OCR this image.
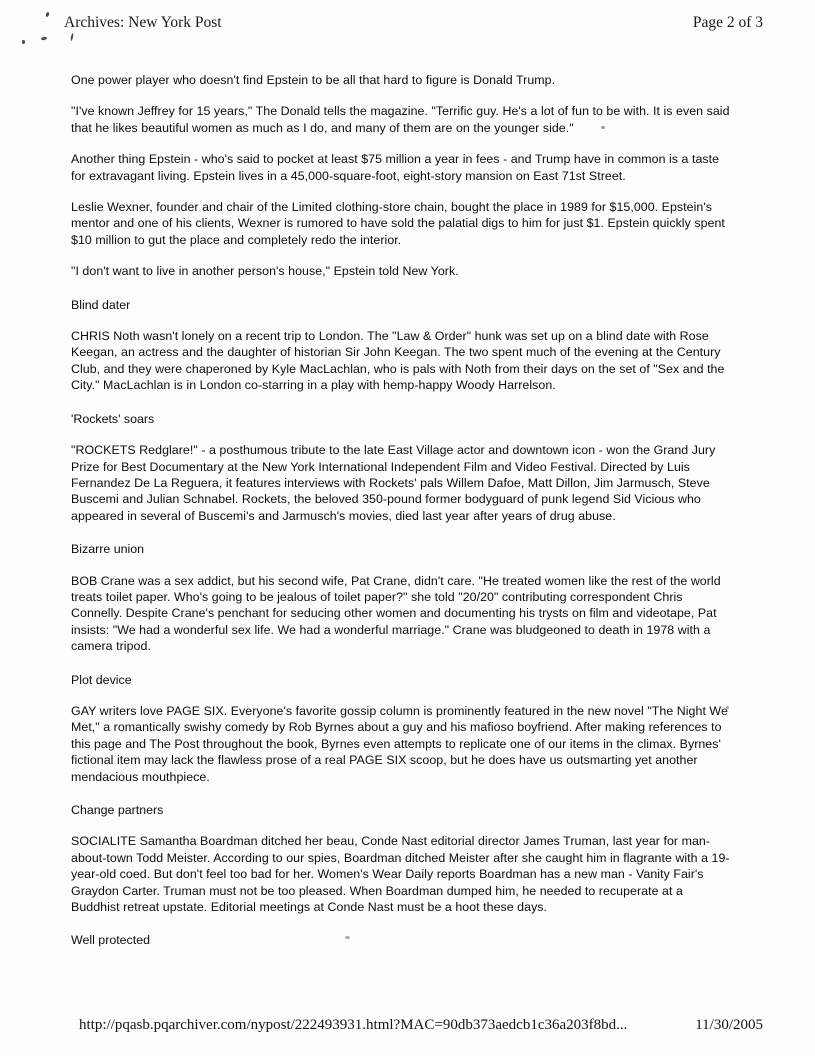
Archives: New York Post	Page 2 of 3

One power player who doesn't find Epstein to be all that hard to figure is Donald Trump.

"I've known Jeffrey for 15 years," The Donald tells the magazine. "Terrific guy. He's a lot of fun to be with. It is even said that he likes beautiful women as much as I do, and many of them are on the younger side."

Another thing Epstein - who's said to pocket at least $75 million a year in fees - and Trump have in common is a taste for extravagant living. Epstein lives in a 45,000-square-foot, eight-story mansion on East 71st Street.

Leslie Wexner, founder and chair of the Limited clothing-store chain, bought the place in 1989 for $15,000. Epstein's mentor and one of his clients, Wexner is rumored to have sold the palatial digs to him for just $1. Epstein quickly spent $10 million to gut the place and completely redo the interior.

"I don't want to live in another person's house," Epstein told New York.

Blind dater

CHRIS Noth wasn't lonely on a recent trip to London. The "Law & Order" hunk was set up on a blind date with Rose Keegan, an actress and the daughter of historian Sir John Keegan. The two spent much of the evening at the Century Club, and they were chaperoned by Kyle MacLachlan, who is pals with Noth from their days on the set of "Sex and the City." MacLachlan is in London co-starring in a play with hemp-happy Woody Harrelson.

'Rockets' soars

"ROCKETS Redglare!" - a posthumous tribute to the late East Village actor and downtown icon - won the Grand Jury Prize for Best Documentary at the New York International Independent Film and Video Festival. Directed by Luis Fernandez De La Reguera, it features interviews with Rockets' pals Willem Dafoe, Matt Dillon, Jim Jarmusch, Steve Buscemi and Julian Schnabel. Rockets, the beloved 350-pound former bodyguard of punk legend Sid Vicious who appeared in several of Buscemi's and Jarmusch's movies, died last year after years of drug abuse.

Bizarre union

BOB Crane was a sex addict, but his second wife, Pat Crane, didn't care. "He treated women like the rest of the world treats toilet paper. Who's going to be jealous of toilet paper?" she told "20/20" contributing correspondent Chris Connelly. Despite Crane's penchant for seducing other women and documenting his trysts on film and videotape, Pat insists: "We had a wonderful sex life. We had a wonderful marriage." Crane was bludgeoned to death in 1978 with a camera tripod.

Plot device

GAY writers love PAGE SIX. Everyone's favorite gossip column is prominently featured in the new novel "The Night We Met," a romantically swishy comedy by Rob Byrnes about a guy and his mafioso boyfriend. After making references to this page and The Post throughout the book, Byrnes even attempts to replicate one of our items in the climax. Byrnes' fictional item may lack the flawless prose of a real PAGE SIX scoop, but he does have us outsmarting yet another mendacious mouthpiece.

Change partners

SOCIALITE Samantha Boardman ditched her beau, Conde Nast editorial director James Truman, last year for man-about-town Todd Meister. According to our spies, Boardman ditched Meister after she caught him in flagrante with a 19-year-old coed. But don't feel too bad for her. Women's Wear Daily reports Boardman has a new man - Vanity Fair's Graydon Carter. Truman must not be too pleased. When Boardman dumped him, he needed to recuperate at a Buddhist retreat upstate. Editorial meetings at Conde Nast must be a hoot these days.

Well protected

http://pqasb.pqarchiver.com/nypost/222493931.html?MAC=90db373aedcb1c36a203f8bd...	11/30/2005
